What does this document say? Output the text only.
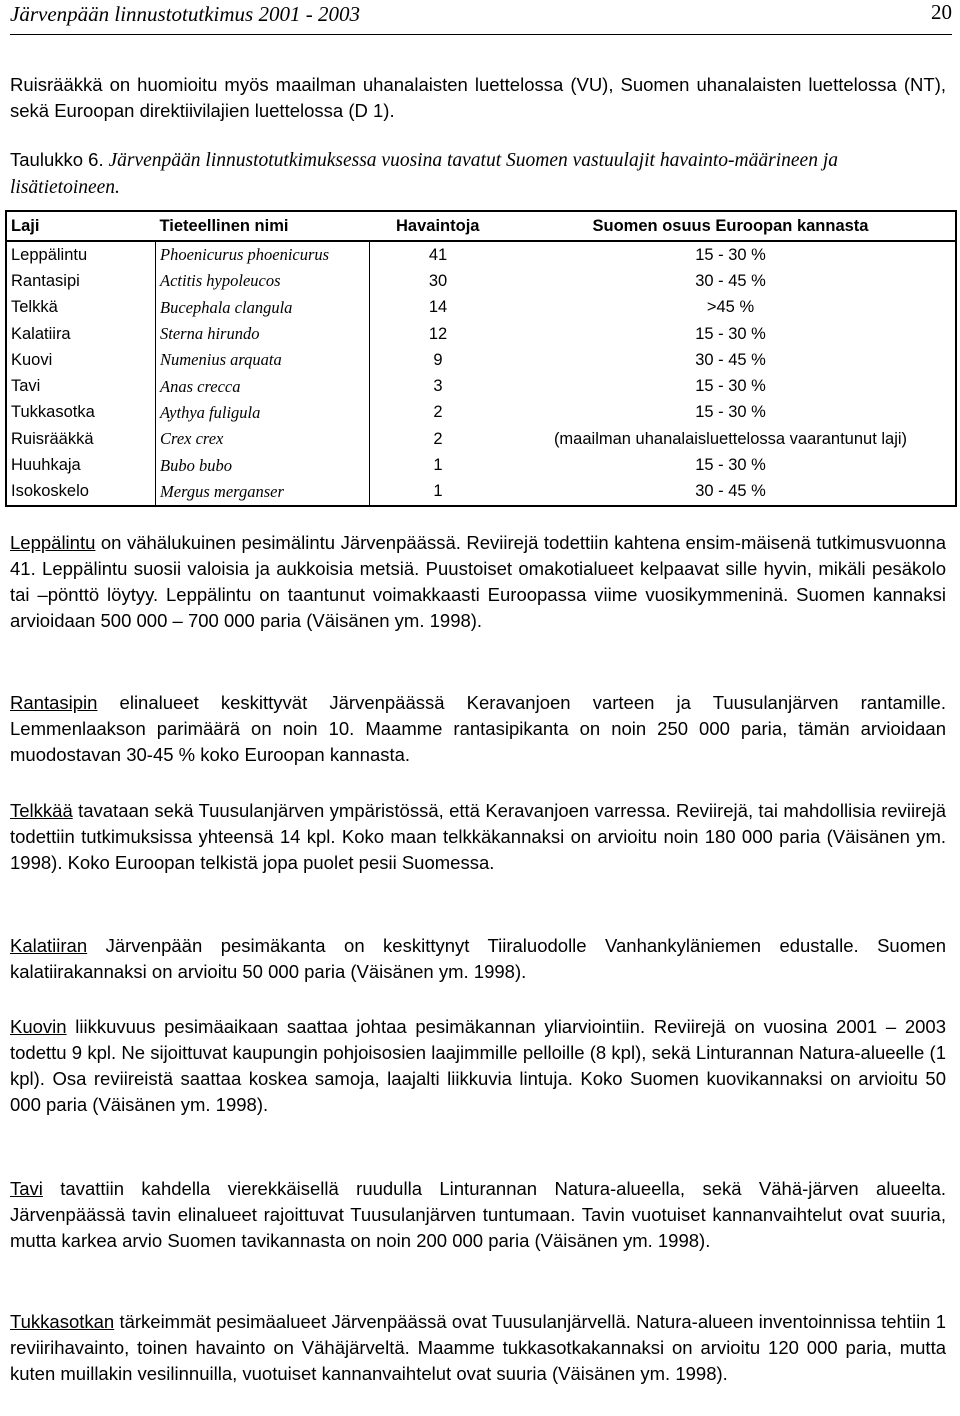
Järvenpään linnustotutkimus 2001 - 2003	20
Ruisrääkkä on huomioitu myös maailman uhanalaisten luettelossa (VU), Suomen uhanalaisten luettelossa (NT), sekä Euroopan direktiivilajien luettelossa (D 1).
Taulukko 6. Järvenpään linnustotutkimuksessa vuosina tavatut Suomen vastuulajit havainto-määrineen ja lisätietoineen.
Laji	Tieteellinen nimi	Havaintoja	Suomen osuus Euroopan kannasta
Leppälintu	Phoenicurus phoenicurus	41	15 - 30 %
Rantasipi	Actitis hypoleucos	30	30 - 45 %
Telkkä	Bucephala clangula	14	>45 %
Kalatiira	Sterna hirundo	12	15 - 30 %
Kuovi	Numenius arquata	9	30 - 45 %
Tavi	Anas crecca	3	15 - 30 %
Tukkasotka	Aythya fuligula	2	15 - 30 %
Ruisrääkkä	Crex crex	2	(maailman uhanalaisluettelossa vaarantunut laji)
Huuhkaja	Bubo bubo	1	15 - 30 %
Isokoskelo	Mergus merganser	1	30 - 45 %

Leppälintu on vähälukuinen pesimälintu Järvenpäässä. Reviirejä todettiin kahtena ensim-mäisenä tutkimusvuonna 41. Leppälintu suosii valoisia ja aukkoisia metsiä. Puustoiset omakotialueet kelpaavat sille hyvin, mikäli pesäkolo tai –pönttö löytyy. Leppälintu on taantunut voimakkaasti Euroopassa viime vuosikymmeninä. Suomen kannaksi arvioidaan 500 000 – 700 000 paria (Väisänen ym. 1998).

Rantasipin elinalueet keskittyvät Järvenpäässä Keravanjoen varteen ja Tuusulanjärven rantamille. Lemmenlaakson parimäärä on noin 10. Maamme rantasipikanta on noin 250 000 paria, tämän arvioidaan muodostavan 30-45 % koko Euroopan kannasta.

Telkkää tavataan sekä Tuusulanjärven ympäristössä, että Keravanjoen varressa. Reviirejä, tai mahdollisia reviirejä todettiin tutkimuksissa yhteensä 14 kpl. Koko maan telkkäkannaksi on arvioitu noin 180 000 paria (Väisänen ym. 1998). Koko Euroopan telkistä jopa puolet pesii Suomessa.

Kalatiiran Järvenpään pesimäkanta on keskittynyt Tiiraluodolle Vanhankyläniemen edustalle. Suomen kalatiirakannaksi on arvioitu 50 000 paria (Väisänen ym. 1998).

Kuovin liikkuvuus pesimäaikaan saattaa johtaa pesimäkannan yliarviointiin. Reviirejä on vuosina 2001 – 2003 todettu 9 kpl. Ne sijoittuvat kaupungin pohjoisosien laajimmille pelloille (8 kpl), sekä Linturannan Natura-alueelle (1 kpl). Osa reviireistä saattaa koskea samoja, laajalti liikkuvia lintuja. Koko Suomen kuovikannaksi on arvioitu 50 000 paria (Väisänen ym. 1998).

Tavi tavattiin kahdella vierekkäisellä ruudulla Linturannan Natura-alueella, sekä Vähä-järven alueelta. Järvenpäässä tavin elinalueet rajoittuvat Tuusulanjärven tuntumaan. Tavin vuotuiset kannanvaihtelut ovat suuria, mutta karkea arvio Suomen tavikannasta on noin 200 000 paria (Väisänen ym. 1998).

Tukkasotkan tärkeimmät pesimäalueet Järvenpäässä ovat Tuusulanjärvellä. Natura-alueen inventoinnissa tehtiin 1 reviirihavainto, toinen havainto on Vähäjärveltä. Maamme tukkasotkakannaksi on arvioitu 120 000 paria, mutta kuten muillakin vesilinnuilla, vuotuiset kannanvaihtelut ovat suuria (Väisänen ym. 1998).
